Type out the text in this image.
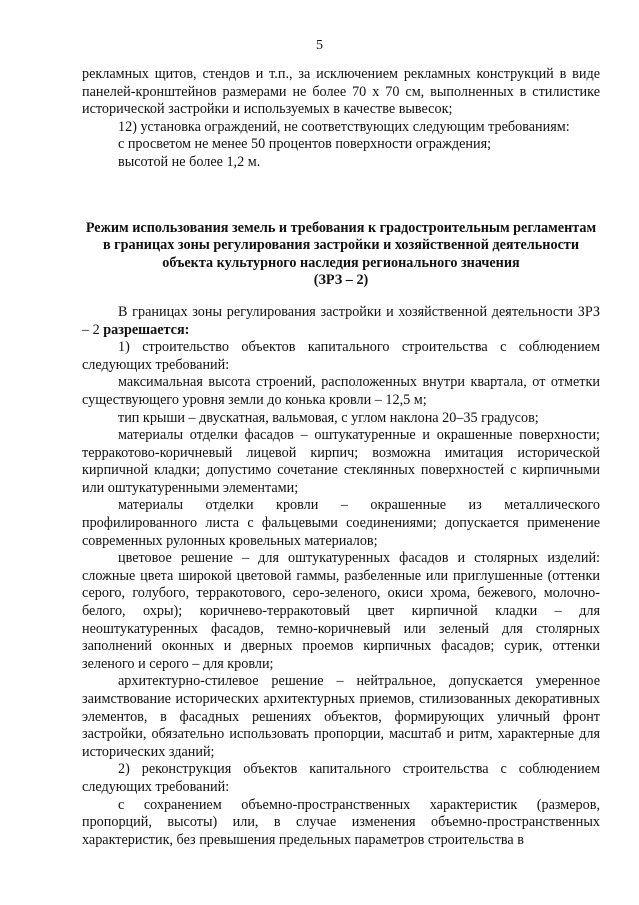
5

рекламных щитов, стендов и т.п., за исключением рекламных конструкций в виде панелей-кронштейнов размерами не более 70 х 70 см, выполненных в стилистике исторической застройки и используемых в качестве вывесок;

12) установка ограждений, не соответствующих следующим требованиям:

с просветом не менее 50 процентов поверхности ограждения;

высотой не более 1,2 м.

Режим использования земель и требования к градостроительным регламентам в границах зоны регулирования застройки и хозяйственной деятельности объекта культурного наследия регионального значения

(ЗРЗ – 2)

В границах зоны регулирования застройки и хозяйственной деятельности ЗРЗ – 2 разрешается:

1) строительство объектов капитального строительства с соблюдением следующих требований:

максимальная высота строений, расположенных внутри квартала, от отметки существующего уровня земли до конька кровли – 12,5 м;

тип крыши – двускатная, вальмовая, с углом наклона 20–35 градусов;

материалы отделки фасадов – оштукатуренные и окрашенные поверхности; терракотово-коричневый лицевой кирпич; возможна имитация исторической кирпичной кладки; допустимо сочетание стеклянных поверхностей с кирпичными или оштукатуренными элементами;

материалы отделки кровли – окрашенные из металлического профилированного листа с фальцевыми соединениями; допускается применение современных рулонных кровельных материалов;

цветовое решение – для оштукатуренных фасадов и столярных изделий: сложные цвета широкой цветовой гаммы, разбеленные или приглушенные (оттенки серого, голубого, терракотового, серо-зеленого, окиси хрома, бежевого, молочно-белого, охры); коричнево-терракотовый цвет кирпичной кладки – для неоштукатуренных фасадов, темно-коричневый или зеленый для столярных заполнений оконных и дверных проемов кирпичных фасадов; сурик, оттенки зеленого и серого – для кровли;

архитектурно-стилевое решение – нейтральное, допускается умеренное заимствование исторических архитектурных приемов, стилизованных декоративных элементов, в фасадных решениях объектов, формирующих уличный фронт застройки, обязательно использовать пропорции, масштаб и ритм, характерные для исторических зданий;

2) реконструкция объектов капитального строительства с соблюдением следующих требований:

с сохранением объемно-пространственных характеристик (размеров, пропорций, высоты) или, в случае изменения объемно-пространственных характеристик, без превышения предельных параметров строительства в
